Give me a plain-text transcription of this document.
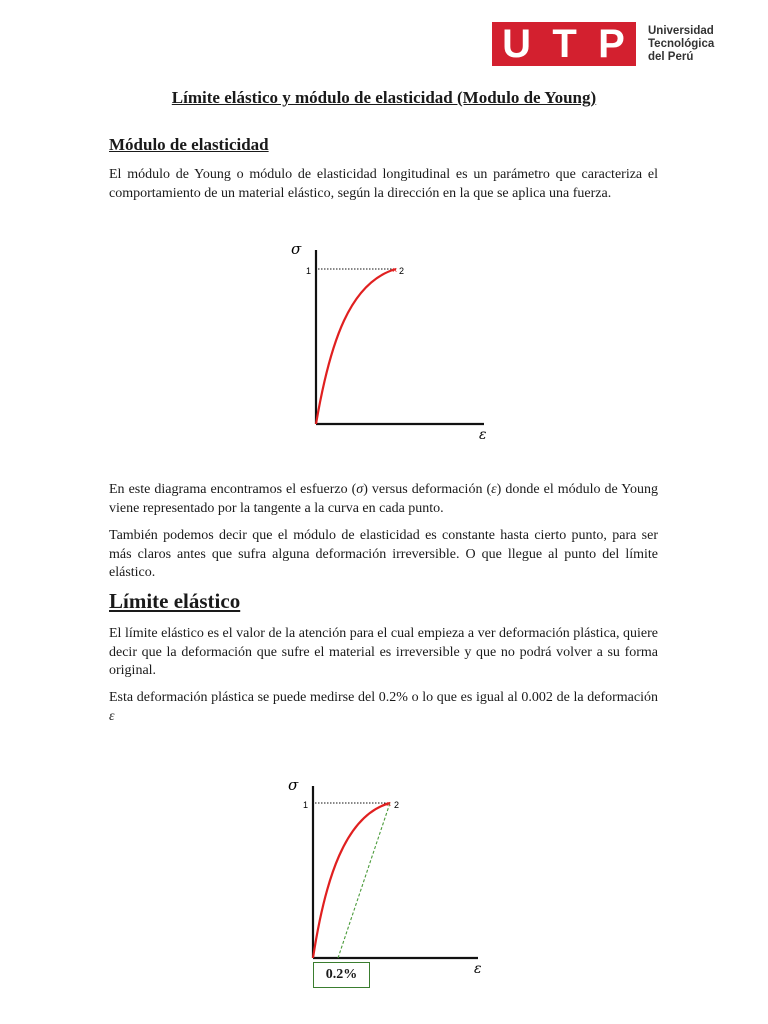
U T P Universidad
Tecnológica
del Perú
Límite elástico y módulo de elasticidad (Modulo de Young)
Módulo de elasticidad
El módulo de Young o módulo de elasticidad longitudinal es un parámetro que caracteriza el comportamiento de un material elástico, según la dirección en la que se aplica una fuerza.
σ
1	2
×
ε
En este diagrama encontramos el esfuerzo (σ) versus deformación (ε) donde el módulo de Young viene representado por la tangente a la curva en cada punto.
También podemos decir que el módulo de elasticidad es constante hasta cierto punto, para ser más claros antes que sufra alguna deformación irreversible. O que llegue al punto del límite elástico.
Límite elástico
El límite elástico es el valor de la atención para el cual empieza a ver deformación plástica, quiere decir que la deformación que sufre el material es irreversible y que no podrá volver a su forma original.
Esta deformación plástica se puede medirse del 0.2% o lo que es igual al 0.002 de la deformación ε
σ
1	2
×
ε
0.2%
